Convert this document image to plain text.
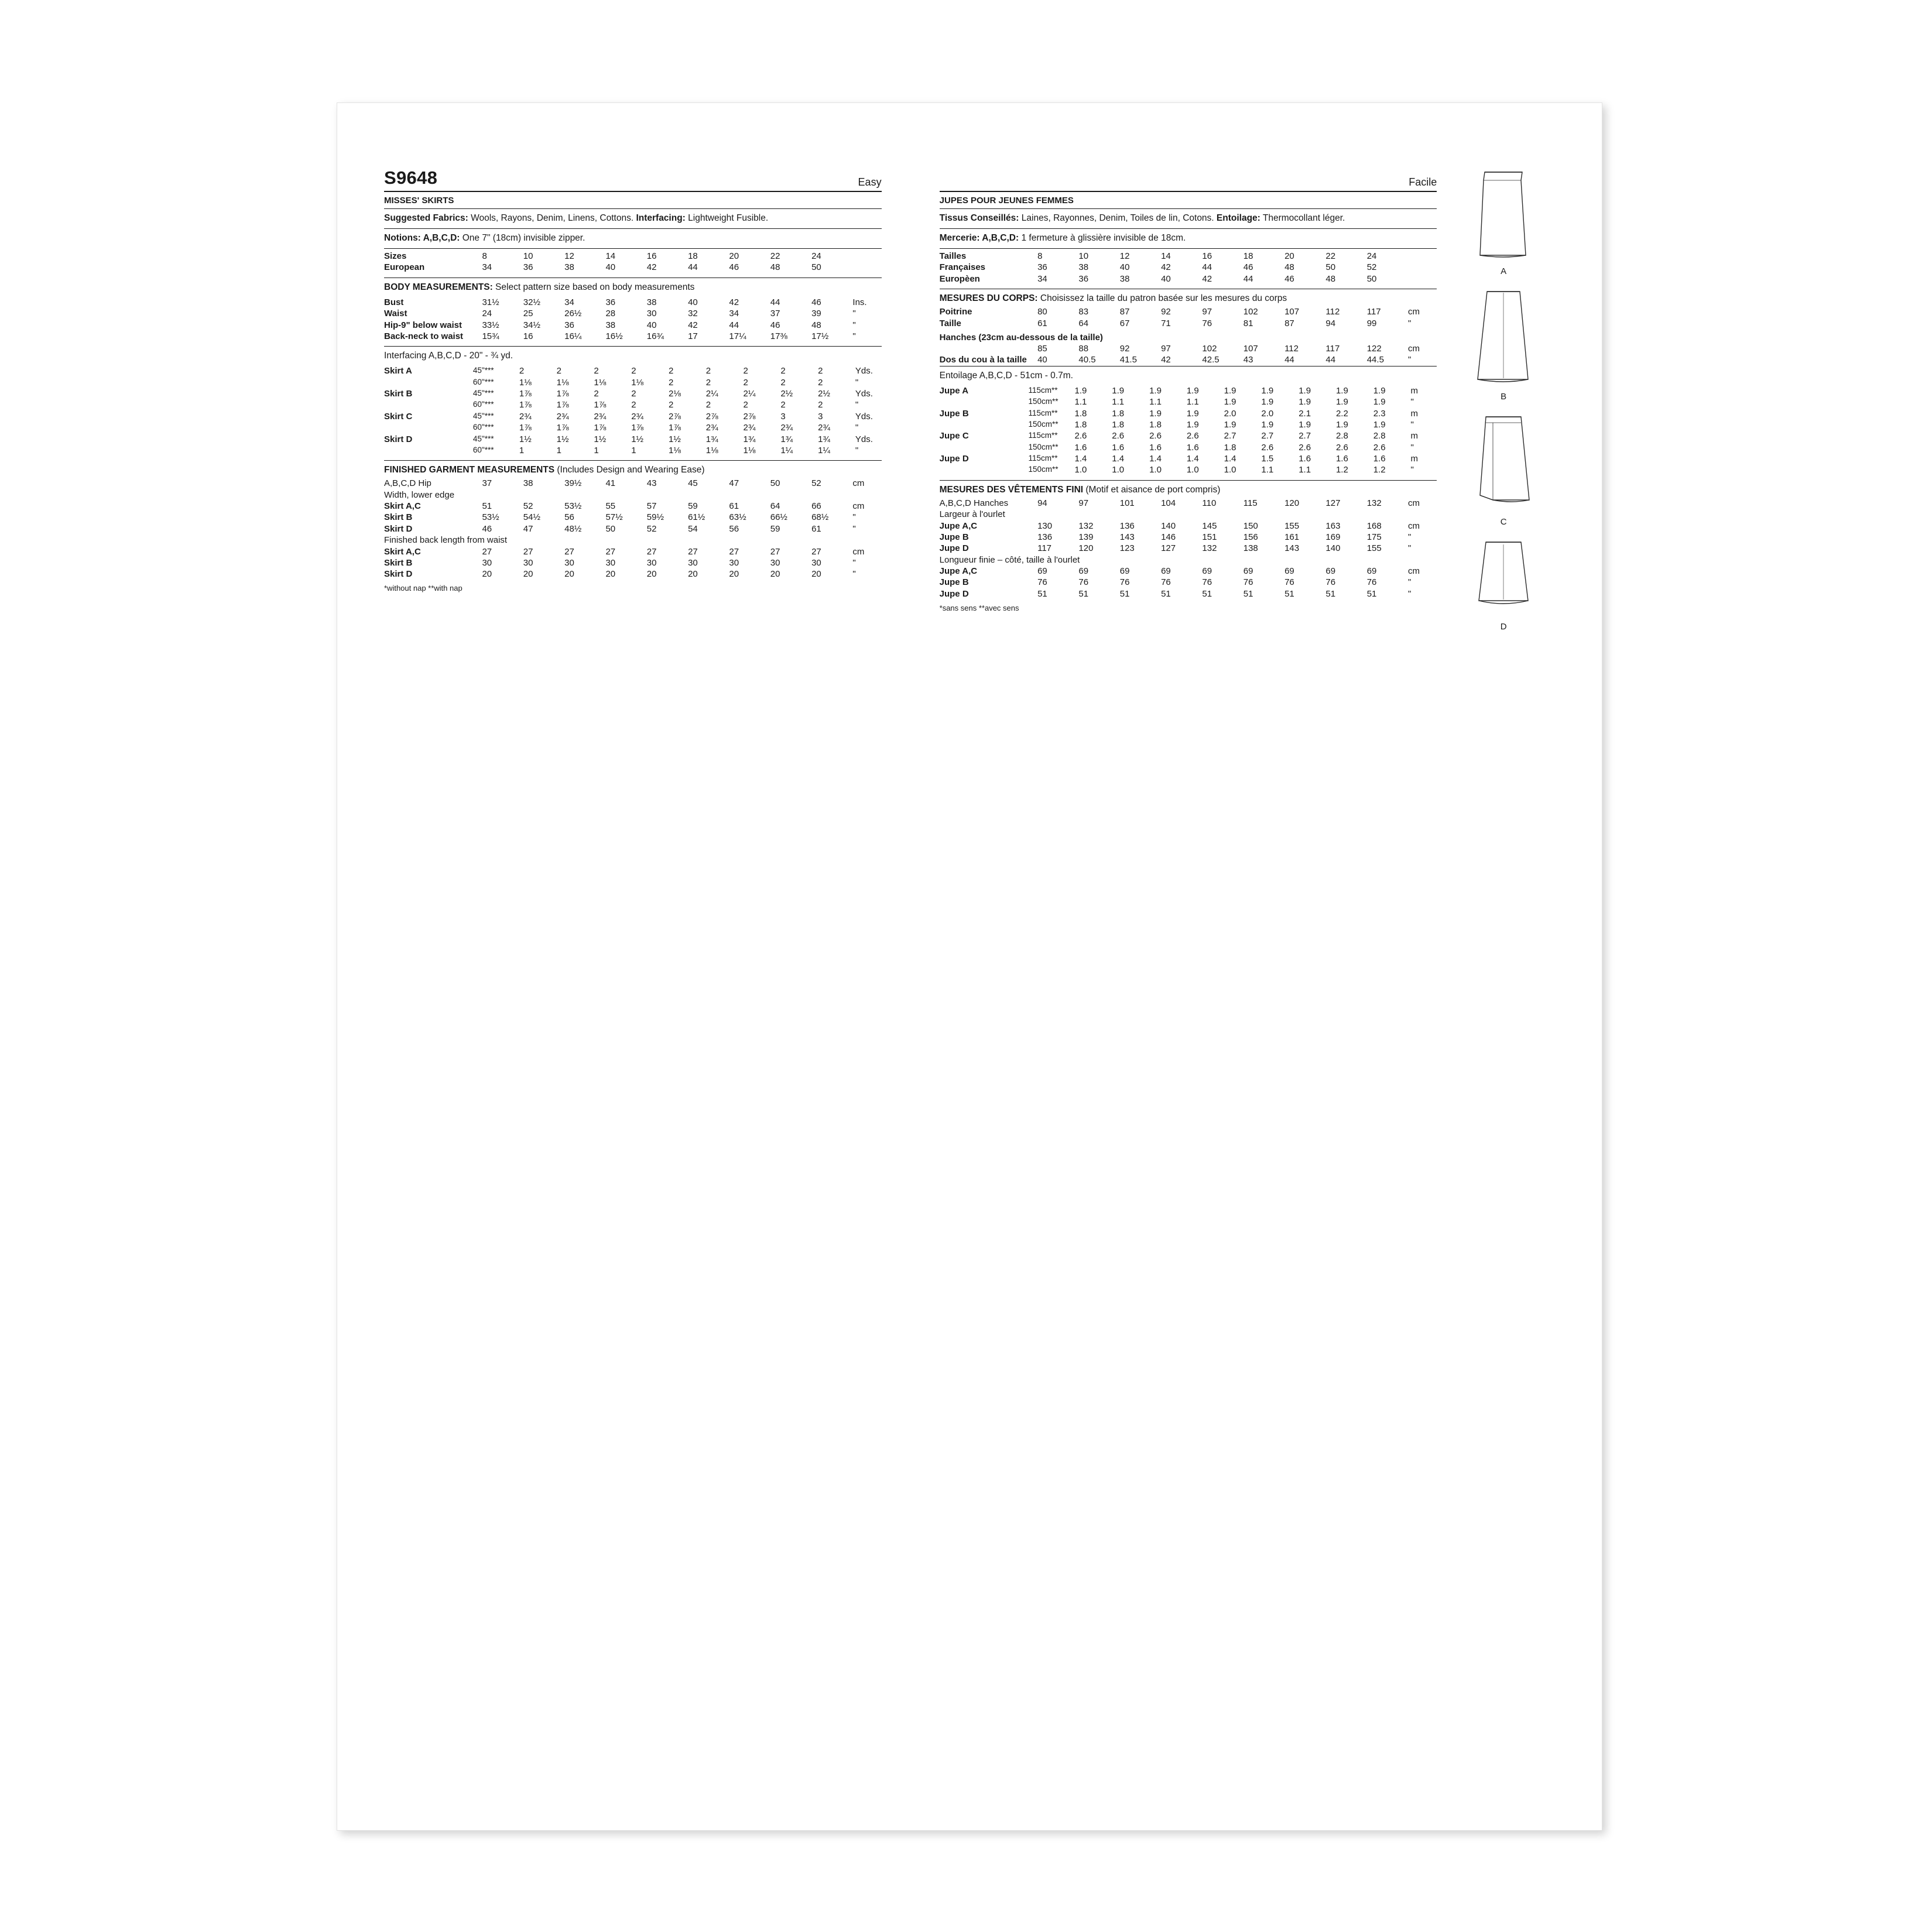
S9648	Easy
MISSES' SKIRTS
Suggested Fabrics: Wools, Rayons, Denim, Linens, Cottons. Interfacing: Lightweight Fusible.
Notions: A,B,C,D: One 7" (18cm) invisible zipper.
Sizes	8	10	12	14	16	18	20	22	24	
European	34	36	38	40	42	44	46	48	50	
BODY MEASUREMENTS: Select pattern size based on body measurements
Bust	31½	32½	34	36	38	40	42	44	46	Ins.
Waist	24	25	26½	28	30	32	34	37	39	"
Hip-9" below waist	33½	34½	36	38	40	42	44	46	48	"
Back-neck to waist	15¾	16	16¼	16½	16¾	17	17¼	17⅜	17½	"
Interfacing A,B,C,D - 20" - ¾ yd.
Skirt A	45"***	2	2	2	2	2	2	2	2	2	Yds.
	60"***	1⅛	1⅛	1⅛	1⅛	2	2	2	2	2	"
Skirt B	45"***	1⅞	1⅞	2	2	2⅛	2¼	2¼	2½	2½	Yds.
	60"***	1⅞	1⅞	1⅞	2	2	2	2	2	2	"
Skirt C	45"***	2¾	2¾	2¾	2¾	2⅞	2⅞	2⅞	3	3	Yds.
	60"***	1⅞	1⅞	1⅞	1⅞	1⅞	2¾	2¾	2¾	2¾	"
Skirt D	45"***	1½	1½	1½	1½	1½	1¾	1¾	1¾	1¾	Yds.
	60"***	1	1	1	1	1⅛	1⅛	1⅛	1¼	1¼	"
FINISHED GARMENT MEASUREMENTS (Includes Design and Wearing Ease)
A,B,C,D Hip	37	38	39½	41	43	45	47	50	52	cm
Width, lower edge										
Skirt A,C	51	52	53½	55	57	59	61	64	66	cm
Skirt B	53½	54½	56	57½	59½	61½	63½	66½	68½	"
Skirt D	46	47	48½	50	52	54	56	59	61	"
Finished back length from waist										
Skirt A,C	27	27	27	27	27	27	27	27	27	cm
Skirt B	30	30	30	30	30	30	30	30	30	"
Skirt D	20	20	20	20	20	20	20	20	20	"
*without nap **with nap
Facile
JUPES POUR JEUNES FEMMES
Tissus Conseillés: Laines, Rayonnes, Denim, Toiles de lin, Cotons. Entoilage: Thermocollant léger.
Mercerie: A,B,C,D: 1 fermeture à glissière invisible de 18cm.
Tailles	8	10	12	14	16	18	20	22	24	
Françaises	36	38	40	42	44	46	48	50	52	
Europèen	34	36	38	40	42	44	46	48	50	
MESURES DU CORPS: Choisissez la taille du patron basée sur les mesures du corps
Poitrine	80	83	87	92	97	102	107	112	117	cm
Taille	61	64	67	71	76	81	87	94	99	"
Hanches (23cm au-dessous de la taille)										
	85	88	92	97	102	107	112	117	122	cm
Dos du cou à la taille	40	40.5	41.5	42	42.5	43	44	44	44.5	"
Entoilage A,B,C,D - 51cm - 0.7m.
Jupe A	115cm**	1.9	1.9	1.9	1.9	1.9	1.9	1.9	1.9	1.9	m
	150cm**	1.1	1.1	1.1	1.1	1.9	1.9	1.9	1.9	1.9	"
Jupe B	115cm**	1.8	1.8	1.9	1.9	2.0	2.0	2.1	2.2	2.3	m
	150cm**	1.8	1.8	1.8	1.9	1.9	1.9	1.9	1.9	1.9	"
Jupe C	115cm**	2.6	2.6	2.6	2.6	2.7	2.7	2.7	2.8	2.8	m
	150cm**	1.6	1.6	1.6	1.6	1.8	2.6	2.6	2.6	2.6	"
Jupe D	115cm**	1.4	1.4	1.4	1.4	1.4	1.5	1.6	1.6	1.6	m
	150cm**	1.0	1.0	1.0	1.0	1.0	1.1	1.1	1.2	1.2	"
MESURES DES VÊTEMENTS FINI (Motif et aisance de port compris)
A,B,C,D Hanches	94	97	101	104	110	115	120	127	132	cm
Largeur à l'ourlet										
Jupe A,C	130	132	136	140	145	150	155	163	168	cm
Jupe B	136	139	143	146	151	156	161	169	175	"
Jupe D	117	120	123	127	132	138	143	140	155	"
Longueur finie – côté, taille à l'ourlet										
Jupe A,C	69	69	69	69	69	69	69	69	69	cm
Jupe B	76	76	76	76	76	76	76	76	76	"
Jupe D	51	51	51	51	51	51	51	51	51	"
*sans sens **avec sens
A
B
C
D
